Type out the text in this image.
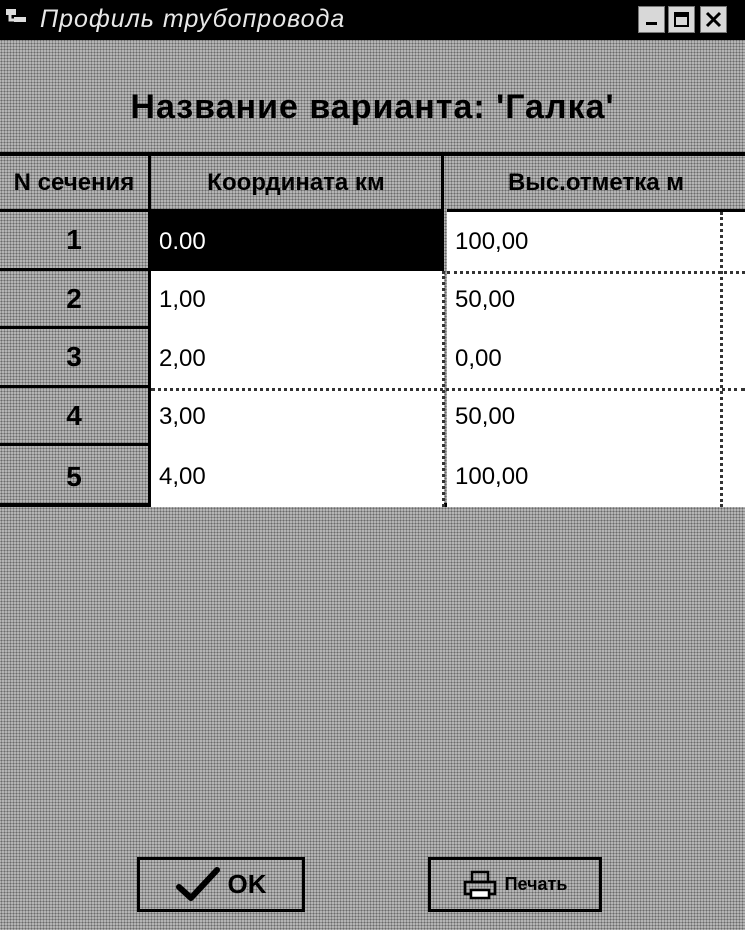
Профиль трубопровода
Название варианта: 'Галка'
N сечения	Координата км	Выс.отметка м
1	0.00	100,00
2	1,00	50,00
3	2,00	0,00
4	3,00	50,00
5	4,00	100,00
OK	Печать
